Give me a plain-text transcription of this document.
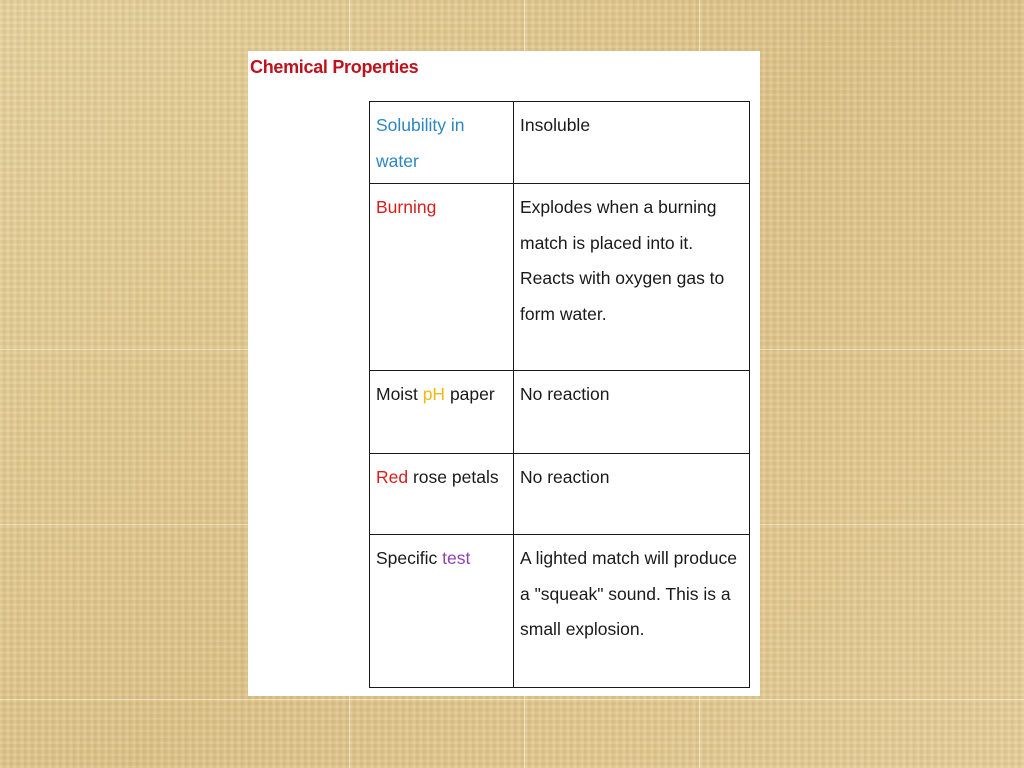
Chemical Properties
Solubility in water	Insoluble
Burning	Explodes when a burning match is placed into it. Reacts with oxygen gas to form water.
Moist pH paper	No reaction
Red rose petals	No reaction
Specific test	A lighted match will produce a "squeak" sound. This is a small explosion.
